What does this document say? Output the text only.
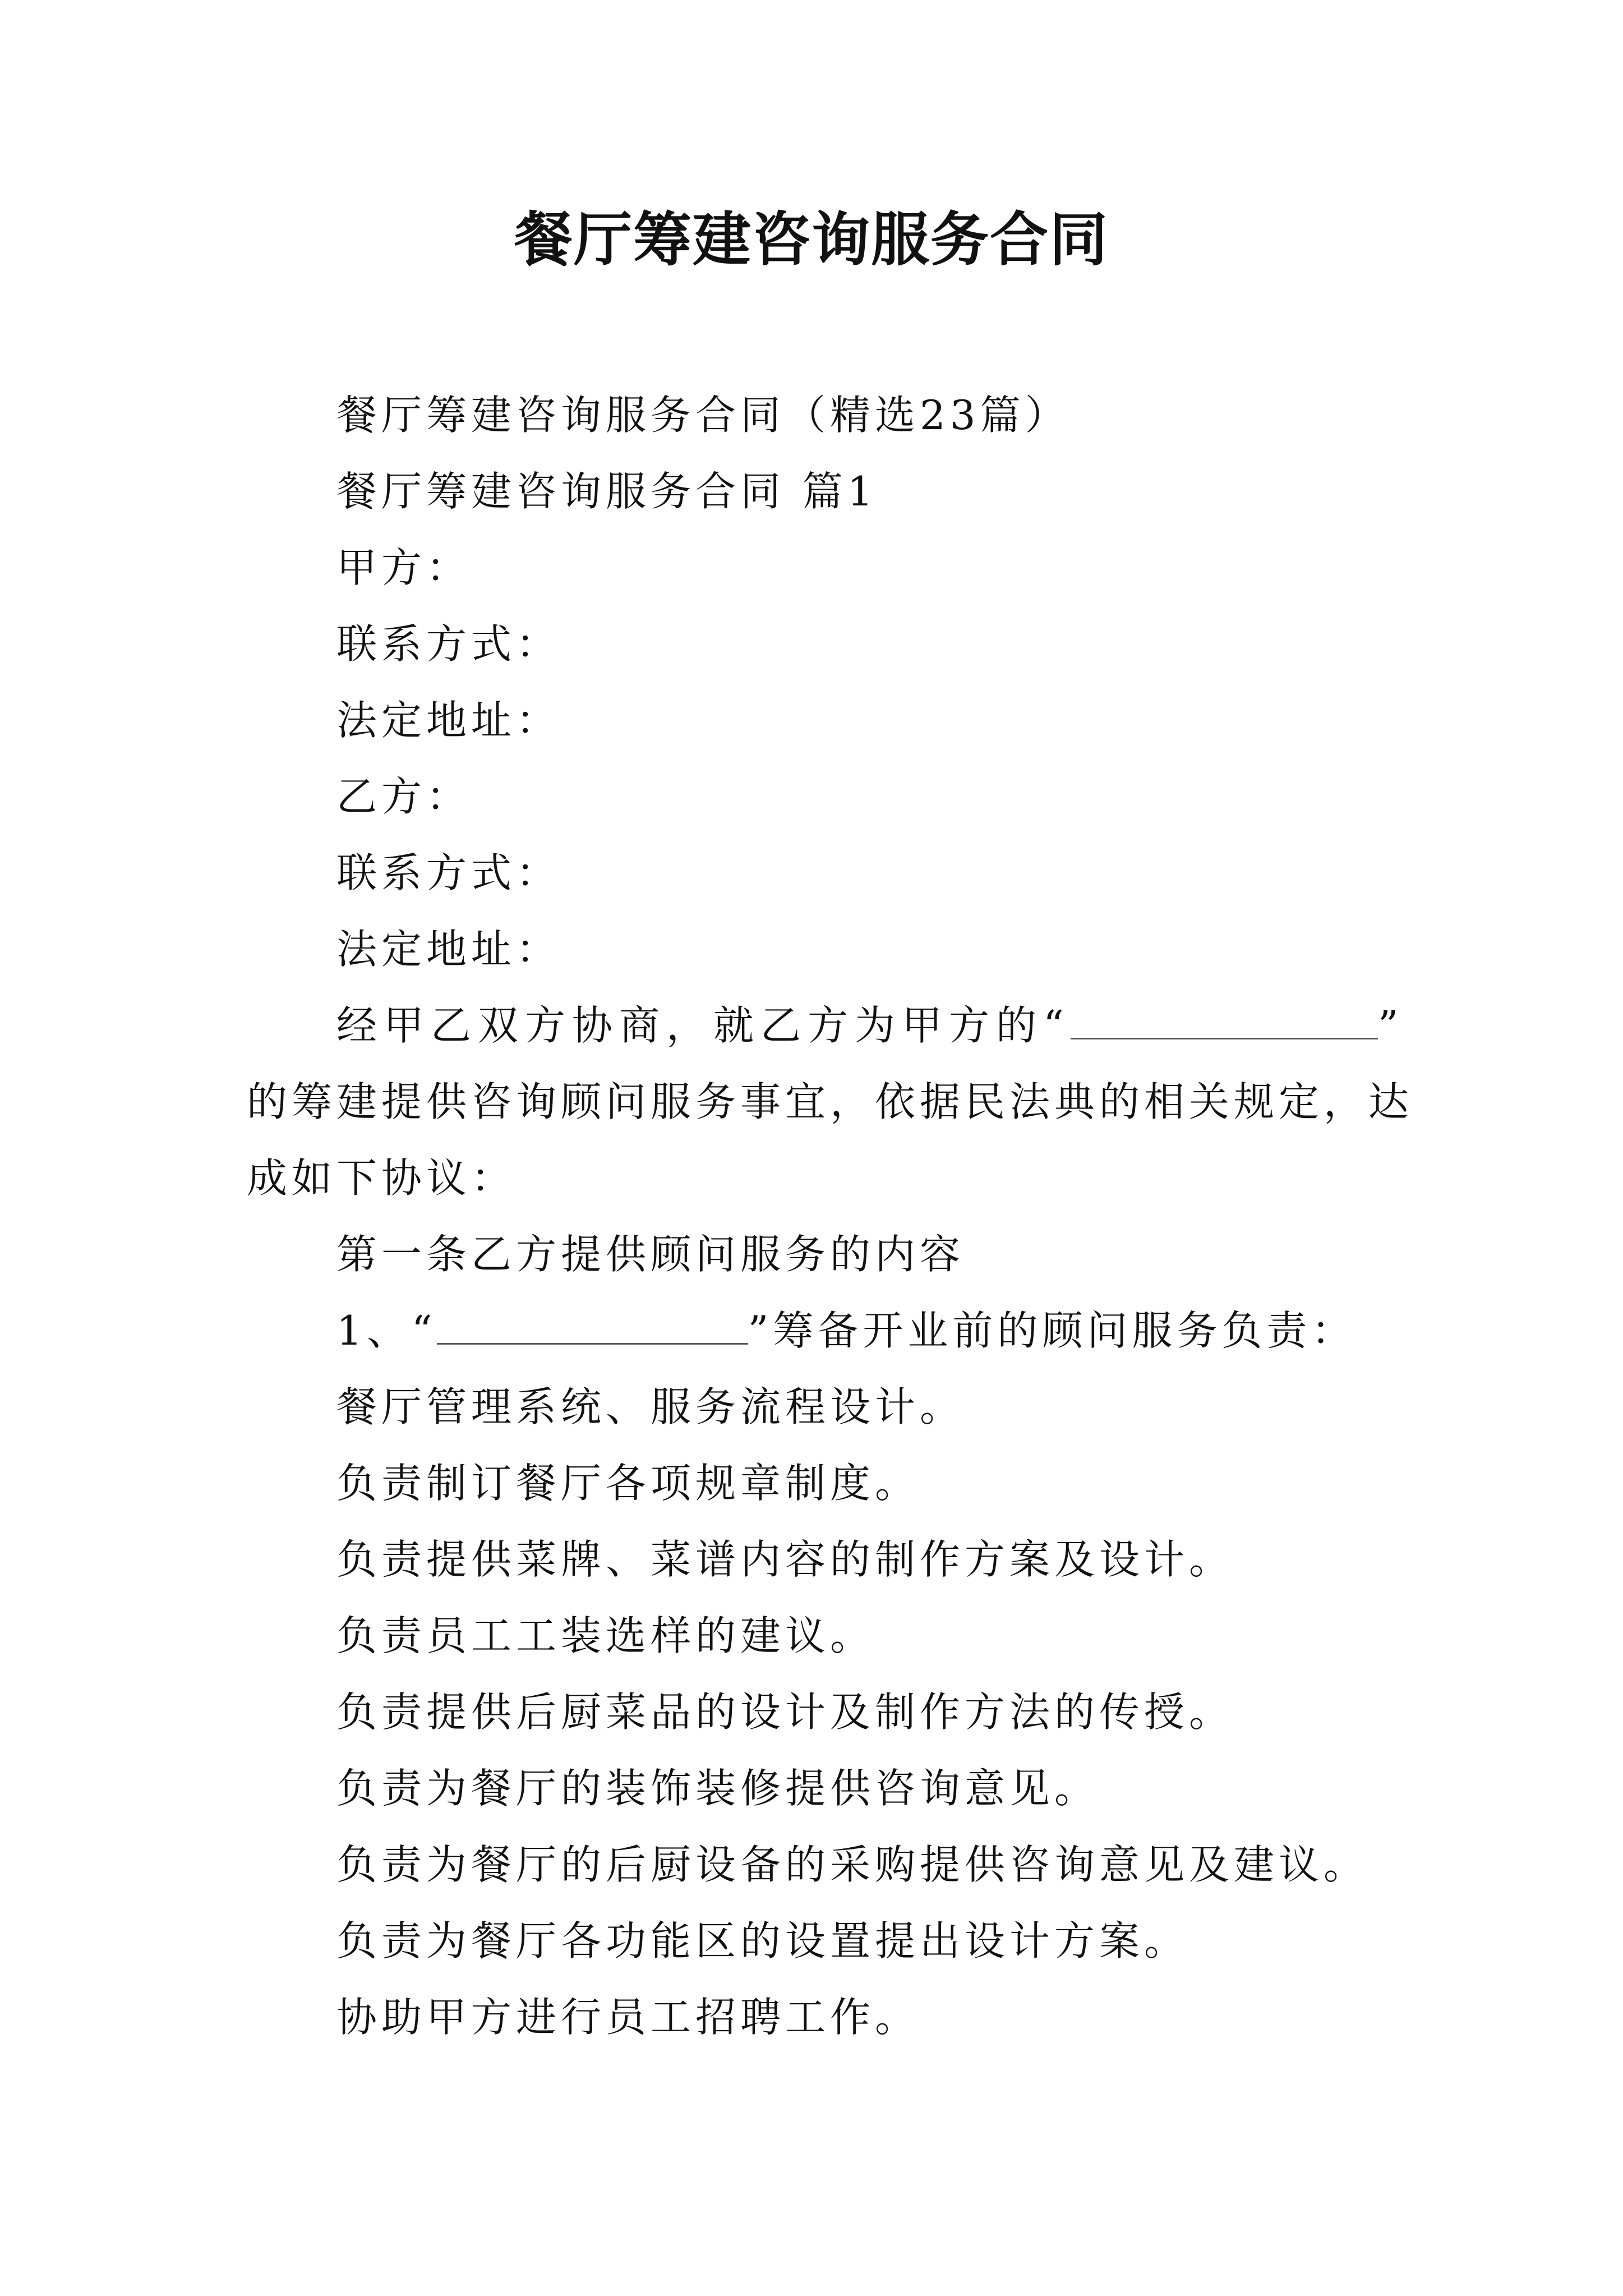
餐厅筹建咨询服务合同

餐厅筹建咨询服务合同（精选23篇）

餐厅筹建咨询服务合同 篇1

甲方：

联系方式：

法定地址：

乙方：

联系方式：

法定地址：

经甲乙双方协商，就乙方为甲方的“	”

的筹建提供咨询顾问服务事宜，依据民法典的相关规定，达

成如下协议：

第一条乙方提供顾问服务的内容

1、“	”筹备开业前的顾问服务负责：

餐厅管理系统、服务流程设计。

负责制订餐厅各项规章制度。

负责提供菜牌、菜谱内容的制作方案及设计。

负责员工工装选样的建议。

负责提供后厨菜品的设计及制作方法的传授。

负责为餐厅的装饰装修提供咨询意见。

负责为餐厅的后厨设备的采购提供咨询意见及建议。

负责为餐厅各功能区的设置提出设计方案。

协助甲方进行员工招聘工作。
